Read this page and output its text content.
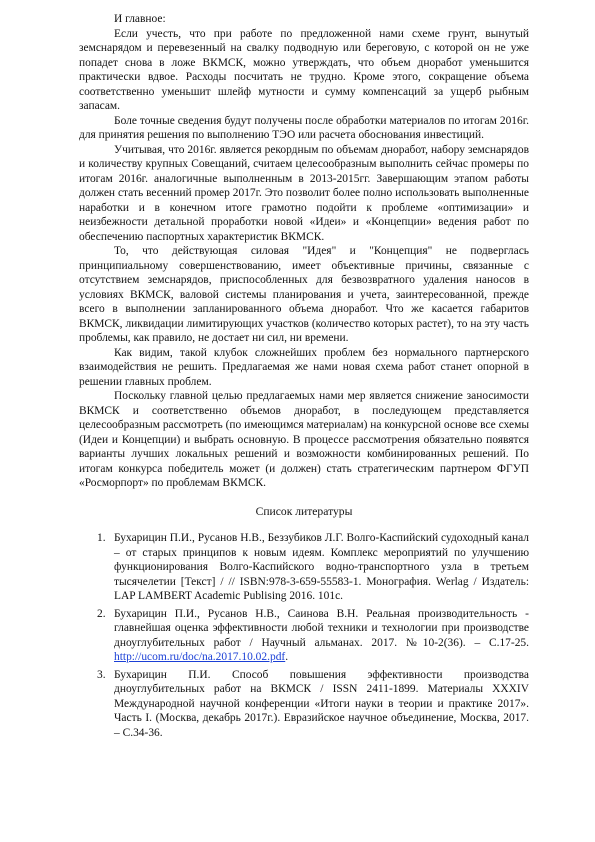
И главное:

Если учесть, что при работе по предложенной нами схеме грунт, вынутый земснарядом и перевезенный на свалку подводную или береговую, с которой он не уже попадет снова в ложе ВКМСК, можно утверждать, что объем дноработ уменьшится практически вдвое. Расходы посчитать не трудно. Кроме этого, сокращение объема соответственно уменьшит шлейф мутности и сумму компенсаций за ущерб рыбным запасам.

Боле точные сведения будут получены после обработки материалов по итогам 2016г. для принятия решения по выполнению ТЭО или расчета обоснования инвестиций.

Учитывая, что 2016г. является рекордным по объемам дноработ, набору земснарядов и количеству крупных Совещаний, считаем целесообразным выполнить сейчас промеры по итогам 2016г. аналогичные выполненным в 2013-2015гг. Завершающим этапом работы должен стать весенний промер 2017г. Это позволит более полно использовать выполненные наработки и в конечном итоге грамотно подойти к проблеме «оптимизации» и неизбежности детальной проработки новой «Идеи» и «Концепции» ведения работ по обеспечению паспортных характеристик ВКМСК.

То, что действующая силовая "Идея" и "Концепция" не подверглась принципиальному совершенствованию, имеет объективные причины, связанные с отсутствием земснарядов, приспособленных для безвозвратного удаления наносов в условиях ВКМСК, валовой системы планирования и учета, заинтересованной, прежде всего в выполнении запланированного объема дноработ. Что же касается габаритов ВКМСК, ликвидации лимитирующих участков (количество которых растет), то на эту часть проблемы, как правило, не достает ни сил, ни времени.

Как видим, такой клубок сложнейших проблем без нормального партнерского взаимодействия не решить. Предлагаемая же нами новая схема работ станет опорной в решении главных проблем.

Поскольку главной целью предлагаемых нами мер является снижение заносимости ВКМСК и соответственно объемов дноработ, в последующем представляется целесообразным рассмотреть (по имеющимся материалам) на конкурсной основе все схемы (Идеи и Концепции) и выбрать основную. В процессе рассмотрения обязательно появятся варианты лучших локальных решений и возможности комбинированных решений. По итогам конкурса победитель может (и должен) стать стратегическим партнером ФГУП «Росморпорт» по проблемам ВКМСК.

Список литературы
1. Бухарицин П.И., Русанов Н.В., Беззубиков Л.Г. Волго-Каспийский судоходный канал – от старых принципов к новым идеям. Комплекс мероприятий по улучшению функционирования Волго-Каспийского водно-транспортного узла в третьем тысячелетии [Текст] / // ISBN:978-3-659-55583-1. Монография. Werlag / Издатель: LAP LAMBERT Academic Publising 2016. 101с.
2. Бухарицин П.И., Русанов Н.В., Саинова В.Н. Реальная производительность - главнейшая оценка эффективности любой техники и технологии при производстве дноуглубительных работ / Научный альманах. 2017. №10-2(36). – С.17-25. http://ucom.ru/doc/na.2017.10.02.pdf.
3. Бухарицин П.И. Способ повышения эффективности производства дноуглубительных работ на ВКМСК / ISSN 2411-1899. Материалы XXXIV Международной научной конференции «Итоги науки в теории и практике 2017». Часть I. (Москва, декабрь 2017г.). Евразийское научное объединение, Москва, 2017. – С.34-36.
